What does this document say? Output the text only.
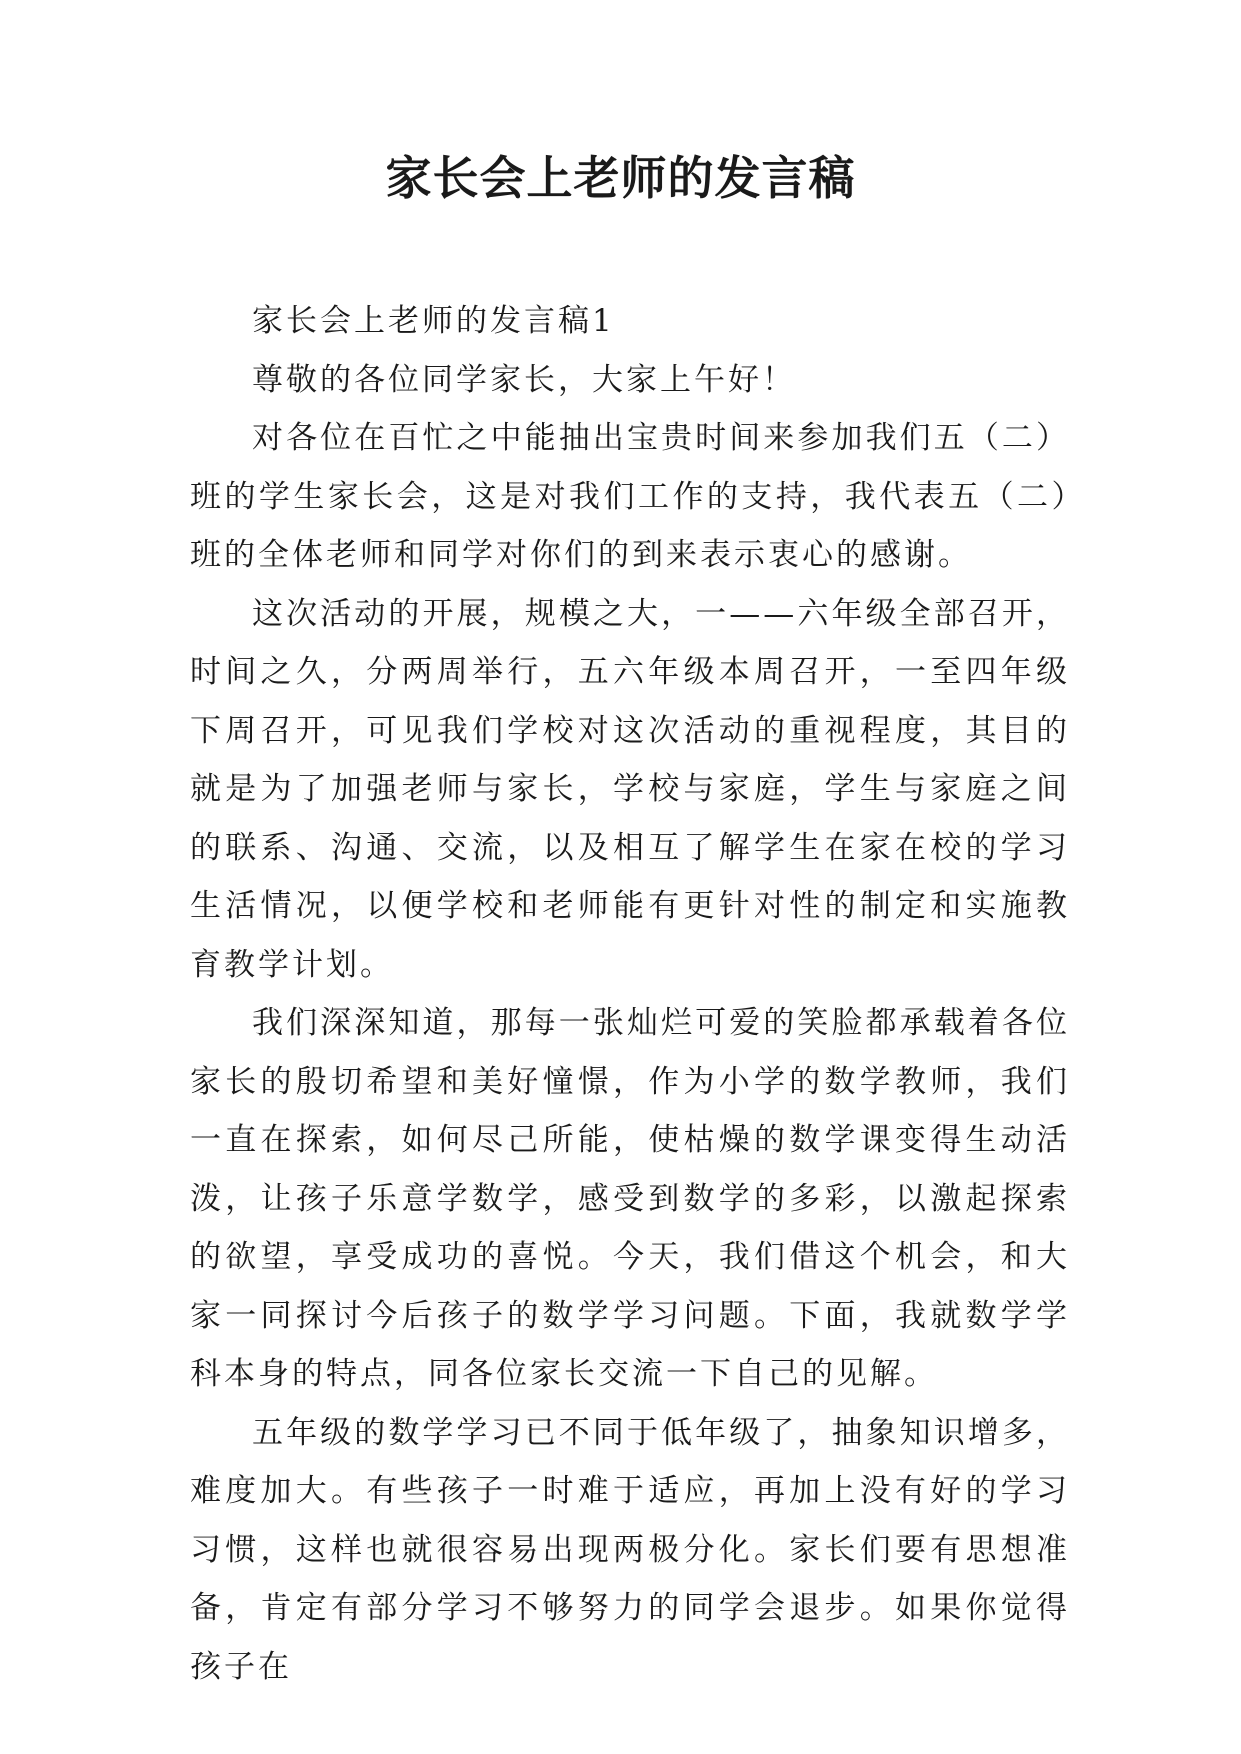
家长会上老师的发言稿

家长会上老师的发言稿1

尊敬的各位同学家长，大家上午好！

对各位在百忙之中能抽出宝贵时间来参加我们五（二）班的学生家长会，这是对我们工作的支持，我代表五（二）班的全体老师和同学对你们的到来表示衷心的感谢。

这次活动的开展，规模之大，一——六年级全部召开，时间之久，分两周举行，五六年级本周召开，一至四年级下周召开，可见我们学校对这次活动的重视程度，其目的就是为了加强老师与家长，学校与家庭，学生与家庭之间的联系、沟通、交流，以及相互了解学生在家在校的学习生活情况，以便学校和老师能有更针对性的制定和实施教育教学计划。

我们深深知道，那每一张灿烂可爱的笑脸都承载着各位家长的殷切希望和美好憧憬，作为小学的数学教师，我们一直在探索，如何尽己所能，使枯燥的数学课变得生动活泼，让孩子乐意学数学，感受到数学的多彩，以激起探索的欲望，享受成功的喜悦。今天，我们借这个机会，和大家一同探讨今后孩子的数学学习问题。下面，我就数学学科本身的特点，同各位家长交流一下自己的见解。

五年级的数学学习已不同于低年级了，抽象知识增多，难度加大。有些孩子一时难于适应，再加上没有好的学习习惯，这样也就很容易出现两极分化。家长们要有思想准备，肯定有部分学习不够努力的同学会退步。如果你觉得孩子在
